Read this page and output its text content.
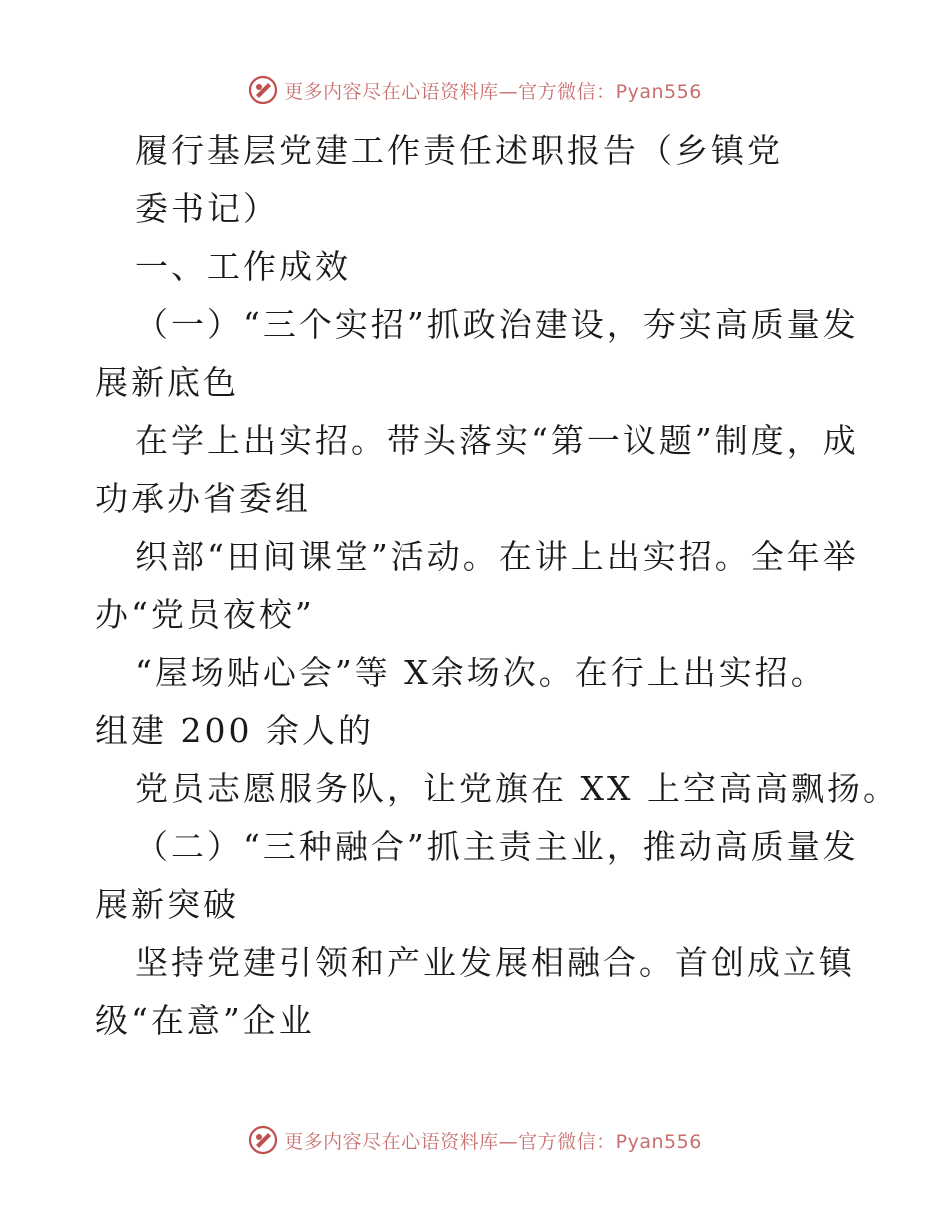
更多内容尽在心语资料库—官方微信：Pyan556
履行基层党建工作责任述职报告（乡镇党
委书记）
一、工作成效
（一）“三个实招”抓政治建设，夯实高质量发
展新底色
在学上出实招。带头落实“第一议题”制度，成
功承办省委组
织部“田间课堂”活动。在讲上出实招。全年举
办“党员夜校”
“屋场贴心会”等 X余场次。在行上出实招。
组建 200 余人的
党员志愿服务队，让党旗在 XX 上空高高飘扬。
（二）“三种融合”抓主责主业，推动高质量发
展新突破
坚持党建引领和产业发展相融合。首创成立镇
级“在意”企业
更多内容尽在心语资料库—官方微信：Pyan556
